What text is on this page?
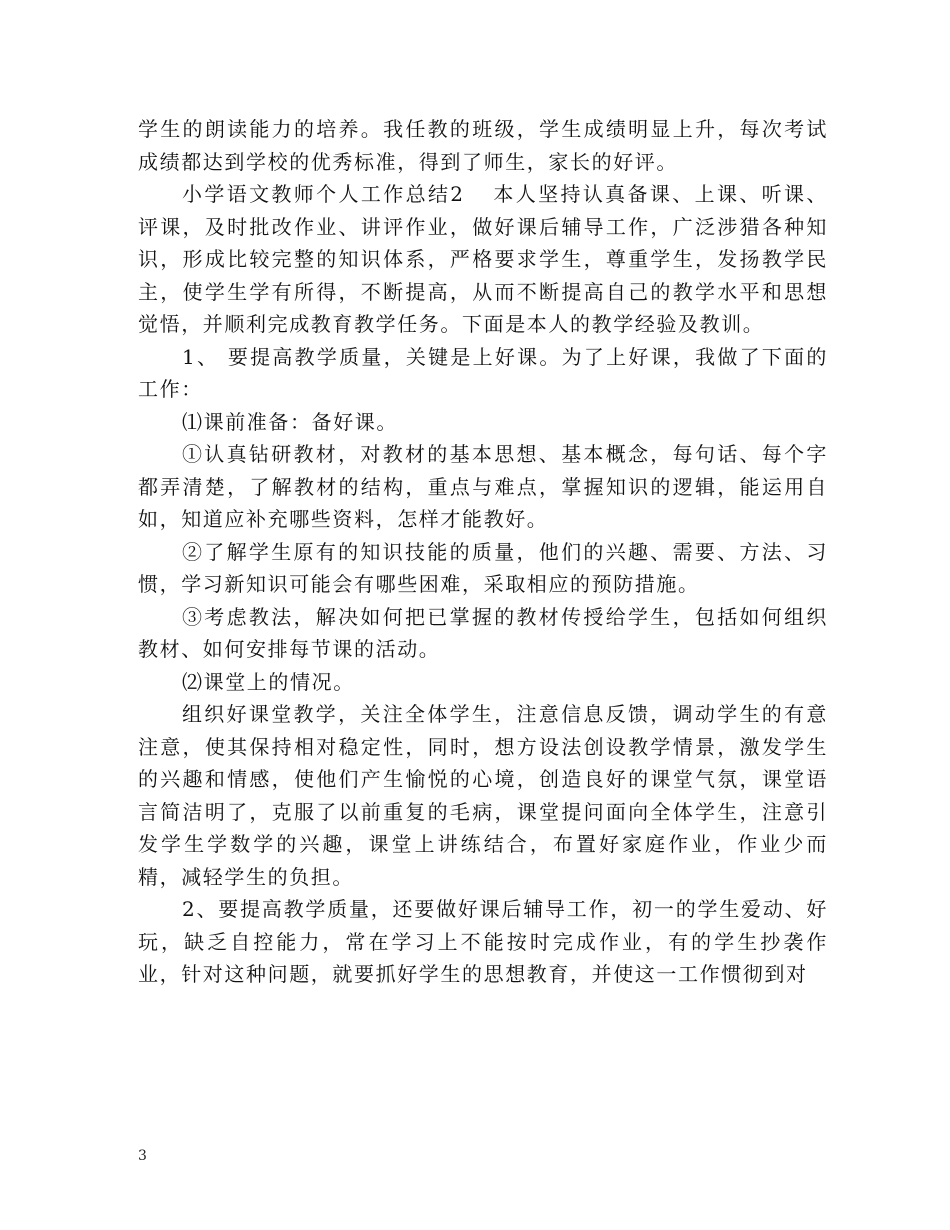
学生的朗读能力的培养。我任教的班级，学生成绩明显上升，每次考试成绩都达到学校的优秀标准，得到了师生，家长的好评。

小学语文教师个人工作总结2 本人坚持认真备课、上课、听课、评课，及时批改作业、讲评作业，做好课后辅导工作，广泛涉猎各种知识，形成比较完整的知识体系，严格要求学生，尊重学生，发扬教学民主，使学生学有所得，不断提高，从而不断提高自己的教学水平和思想觉悟，并顺利完成教育教学任务。下面是本人的教学经验及教训。

1、 要提高教学质量，关键是上好课。为了上好课，我做了下面的工作：

⑴课前准备：备好课。

①认真钻研教材，对教材的基本思想、基本概念，每句话、每个字都弄清楚，了解教材的结构，重点与难点，掌握知识的逻辑，能运用自如，知道应补充哪些资料，怎样才能教好。

②了解学生原有的知识技能的质量，他们的兴趣、需要、方法、习惯，学习新知识可能会有哪些困难，采取相应的预防措施。

③考虑教法，解决如何把已掌握的教材传授给学生，包括如何组织教材、如何安排每节课的活动。

⑵课堂上的情况。

组织好课堂教学，关注全体学生，注意信息反馈，调动学生的有意注意，使其保持相对稳定性，同时，想方设法创设教学情景，激发学生的兴趣和情感，使他们产生愉悦的心境，创造良好的课堂气氛，课堂语言简洁明了，克服了以前重复的毛病，课堂提问面向全体学生，注意引发学生学数学的兴趣，课堂上讲练结合，布置好家庭作业，作业少而精，减轻学生的负担。

2、要提高教学质量，还要做好课后辅导工作，初一的学生爱动、好玩，缺乏自控能力，常在学习上不能按时完成作业，有的学生抄袭作业，针对这种问题，就要抓好学生的思想教育，并使这一工作惯彻到对

3
